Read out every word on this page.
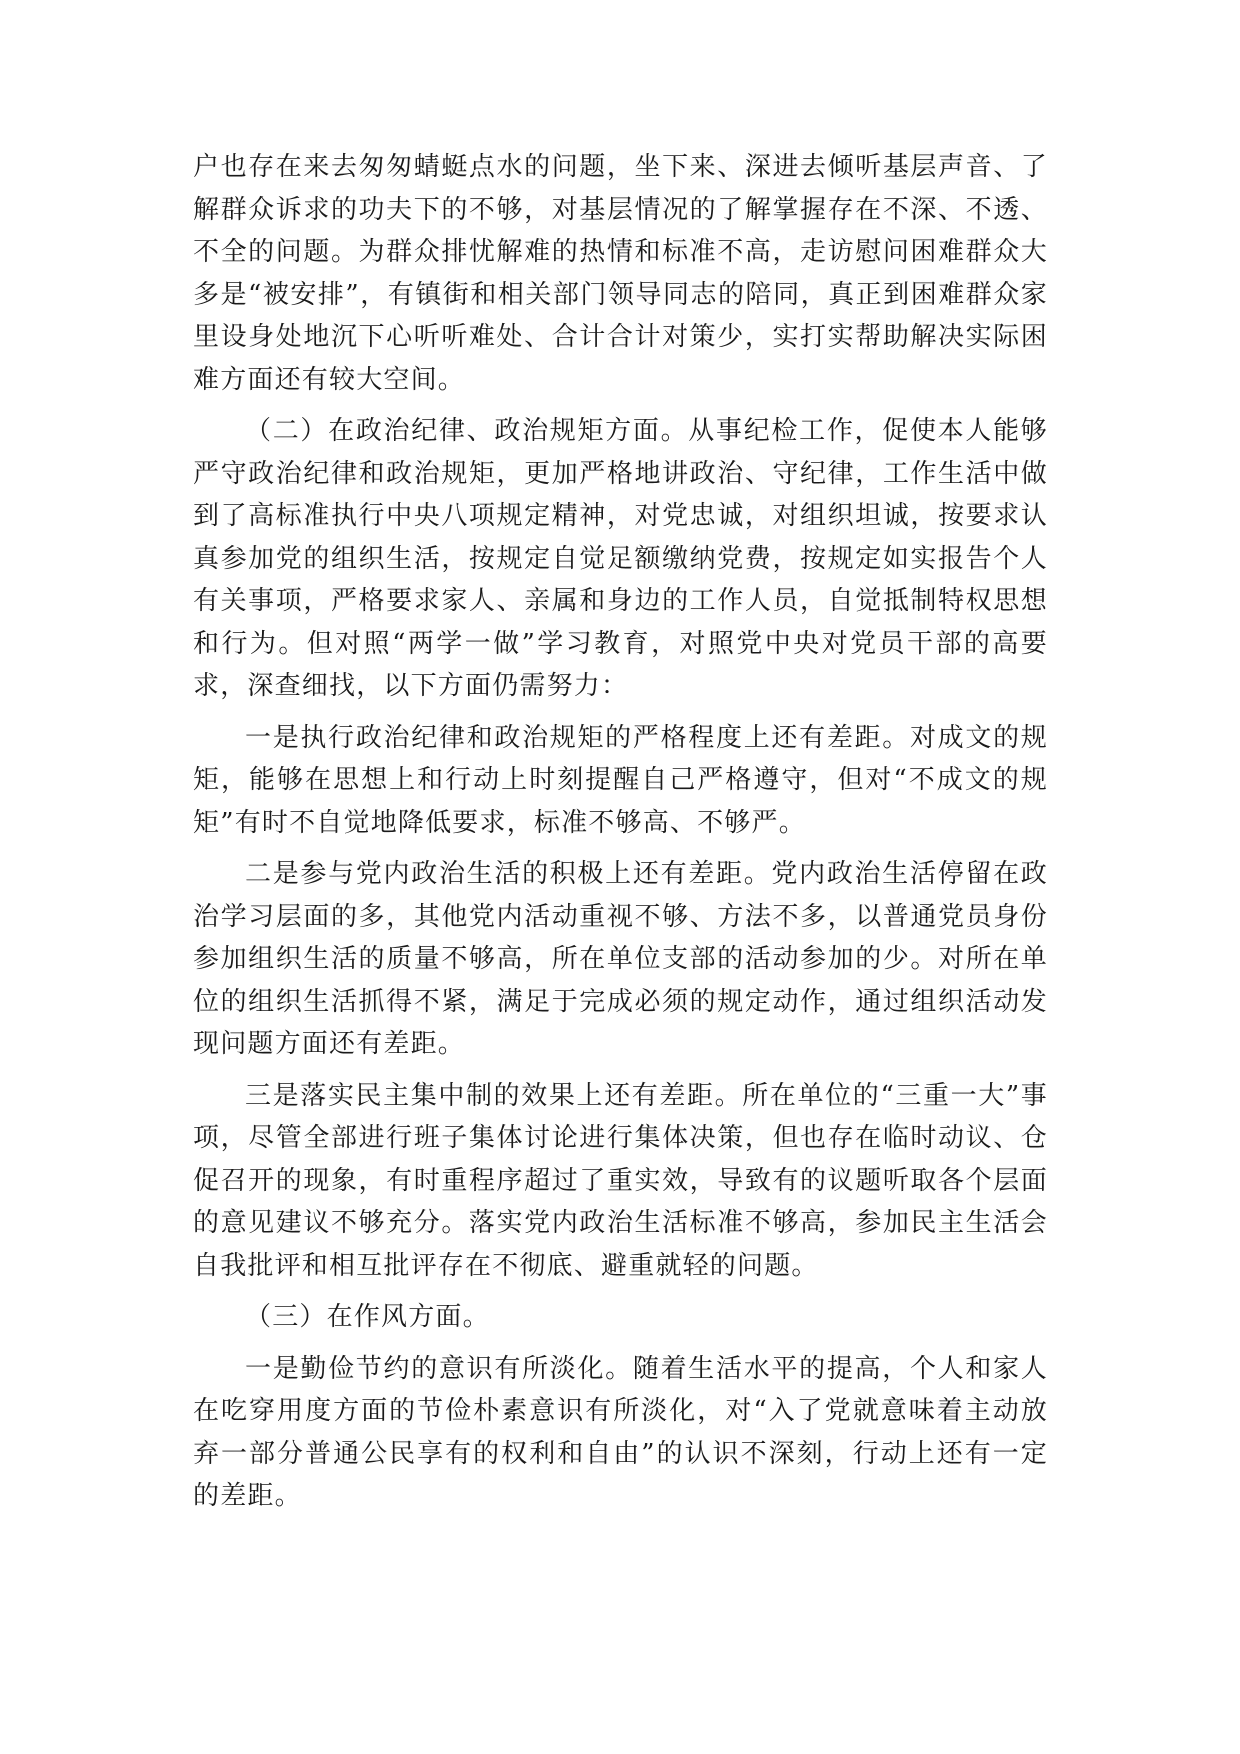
户也存在来去匆匆蜻蜓点水的问题，坐下来、深进去倾听基层声音、了解群众诉求的功夫下的不够，对基层情况的了解掌握存在不深、不透、不全的问题。为群众排忧解难的热情和标准不高，走访慰问困难群众大多是“被安排”，有镇街和相关部门领导同志的陪同，真正到困难群众家里设身处地沉下心听听难处、合计合计对策少，实打实帮助解决实际困难方面还有较大空间。

（二）在政治纪律、政治规矩方面。从事纪检工作，促使本人能够严守政治纪律和政治规矩，更加严格地讲政治、守纪律，工作生活中做到了高标准执行中央八项规定精神，对党忠诚，对组织坦诚，按要求认真参加党的组织生活，按规定自觉足额缴纳党费，按规定如实报告个人有关事项，严格要求家人、亲属和身边的工作人员，自觉抵制特权思想和行为。但对照“两学一做”学习教育，对照党中央对党员干部的高要求，深查细找，以下方面仍需努力：

一是执行政治纪律和政治规矩的严格程度上还有差距。对成文的规矩，能够在思想上和行动上时刻提醒自己严格遵守，但对“不成文的规矩”有时不自觉地降低要求，标准不够高、不够严。

二是参与党内政治生活的积极上还有差距。党内政治生活停留在政治学习层面的多，其他党内活动重视不够、方法不多，以普通党员身份参加组织生活的质量不够高，所在单位支部的活动参加的少。对所在单位的组织生活抓得不紧，满足于完成必须的规定动作，通过组织活动发现问题方面还有差距。

三是落实民主集中制的效果上还有差距。所在单位的“三重一大”事项，尽管全部进行班子集体讨论进行集体决策，但也存在临时动议、仓促召开的现象，有时重程序超过了重实效，导致有的议题听取各个层面的意见建议不够充分。落实党内政治生活标准不够高，参加民主生活会自我批评和相互批评存在不彻底、避重就轻的问题。

（三）在作风方面。

一是勤俭节约的意识有所淡化。随着生活水平的提高，个人和家人在吃穿用度方面的节俭朴素意识有所淡化，对“入了党就意味着主动放弃一部分普通公民享有的权利和自由”的认识不深刻，行动上还有一定的差距。
